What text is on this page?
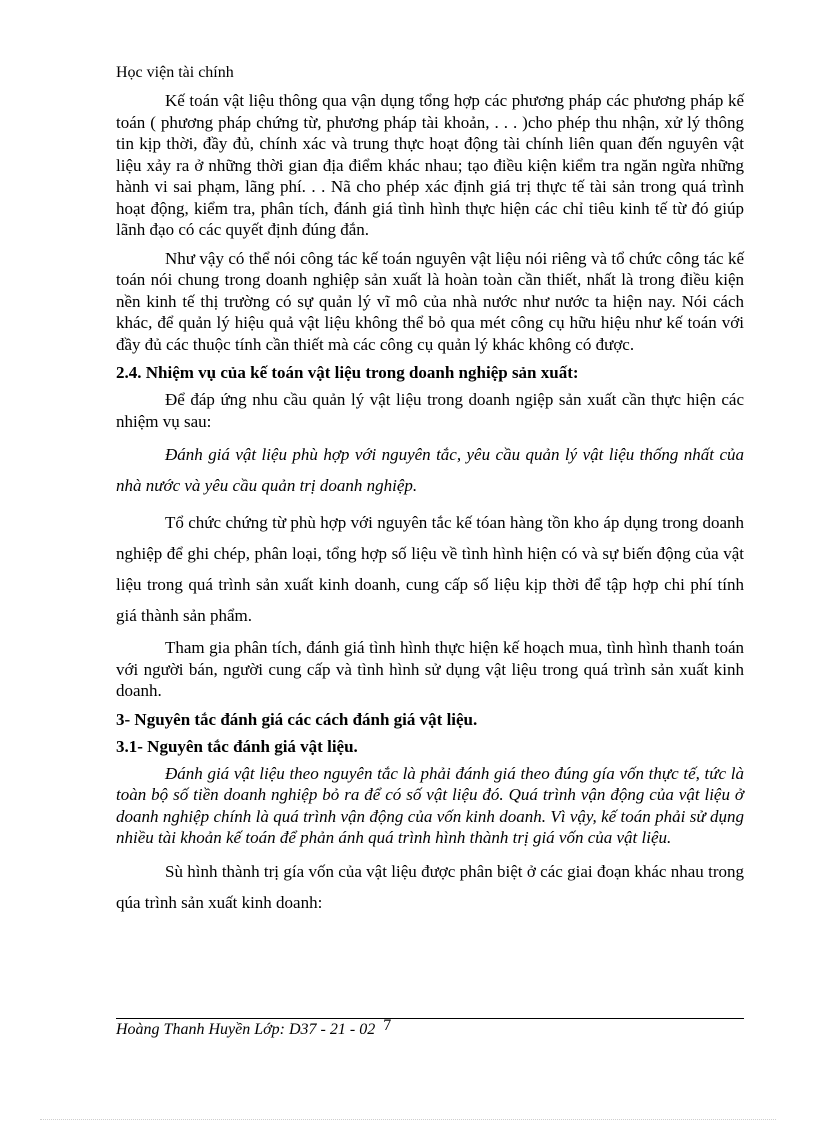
Học viện tài chính

Kế toán vật liệu thông qua vận dụng tổng hợp các phương pháp các phương pháp kế toán ( phương pháp chứng từ, phương pháp tài khoản, . . . )cho phép thu nhận, xử lý thông tin kịp thời, đầy đủ, chính xác và trung thực hoạt động tài chính liên quan đến nguyên vật liệu xảy ra ở những thời gian địa điểm khác nhau; tạo điều kiện kiểm tra ngăn ngừa những hành vi sai phạm, lãng phí. . . Nã cho phép xác định giá trị thực tế tài sản trong quá trình hoạt động, kiểm tra, phân tích, đánh giá tình hình thực hiện các chỉ tiêu kinh tế từ đó giúp lãnh đạo có các quyết định đúng đắn.

Như vậy có thể nói công tác kế toán nguyên vật liệu nói riêng và tổ chức công tác kế toán nói chung trong doanh nghiệp sản xuất là hoàn toàn cần thiết, nhất là trong điều kiện nền kinh tế thị trường có sự quản lý vĩ mô của nhà nước như nước ta hiện nay. Nói cách khác, để quản lý hiệu quả vật liệu không thể bỏ qua mét công cụ hữu hiệu như kế toán với đầy đủ các thuộc tính cần thiết mà các công cụ quản lý khác không có được.

2.4. Nhiệm vụ của kế toán vật liệu trong doanh nghiệp sản xuất:

Để đáp ứng nhu cầu quản lý vật liệu trong doanh ngiệp sản xuất cần thực hiện các nhiệm vụ sau:

Đánh giá vật liệu phù hợp với nguyên tắc, yêu cầu quản lý vật liệu thống nhất của nhà nước và yêu cầu quản trị doanh nghiệp.

Tổ chức chứng từ phù hợp với nguyên tắc kế tóan hàng tồn kho áp dụng trong doanh nghiệp để ghi chép, phân loại, tổng hợp số liệu về tình hình hiện có và sự biến động của vật liệu trong quá trình sản xuất kinh doanh, cung cấp số liệu kịp thời để tập hợp chi phí tính giá thành sản phẩm.

Tham gia phân tích, đánh giá tình hình thực hiện kế hoạch mua, tình hình thanh toán với người bán, người cung cấp và tình hình sử dụng vật liệu trong quá trình sản xuất kinh doanh.

3- Nguyên tắc đánh giá các cách đánh giá vật liệu.
3.1- Nguyên tắc đánh giá vật liệu.

Đánh giá vật liệu theo nguyên tắc là phải đánh giá theo đúng gía vốn thực tế, tức là toàn bộ số tiền doanh nghiệp bỏ ra để có số vật liệu đó. Quá trình vận động của vật liệu ở doanh nghiệp chính là quá trình vận động của vốn kinh doanh. Vì vậy, kế toán phải sử dụng nhiều tài khoản kế toán để phản ánh quá trình hình thành trị giá vốn của vật liệu.

Sù hình thành trị gía vốn của vật liệu được phân biệt ở các giai đoạn khác nhau trong qúa trình sản xuất kinh doanh:

Hoàng Thanh Huyền Lớp: D37 - 21 - 02 7
